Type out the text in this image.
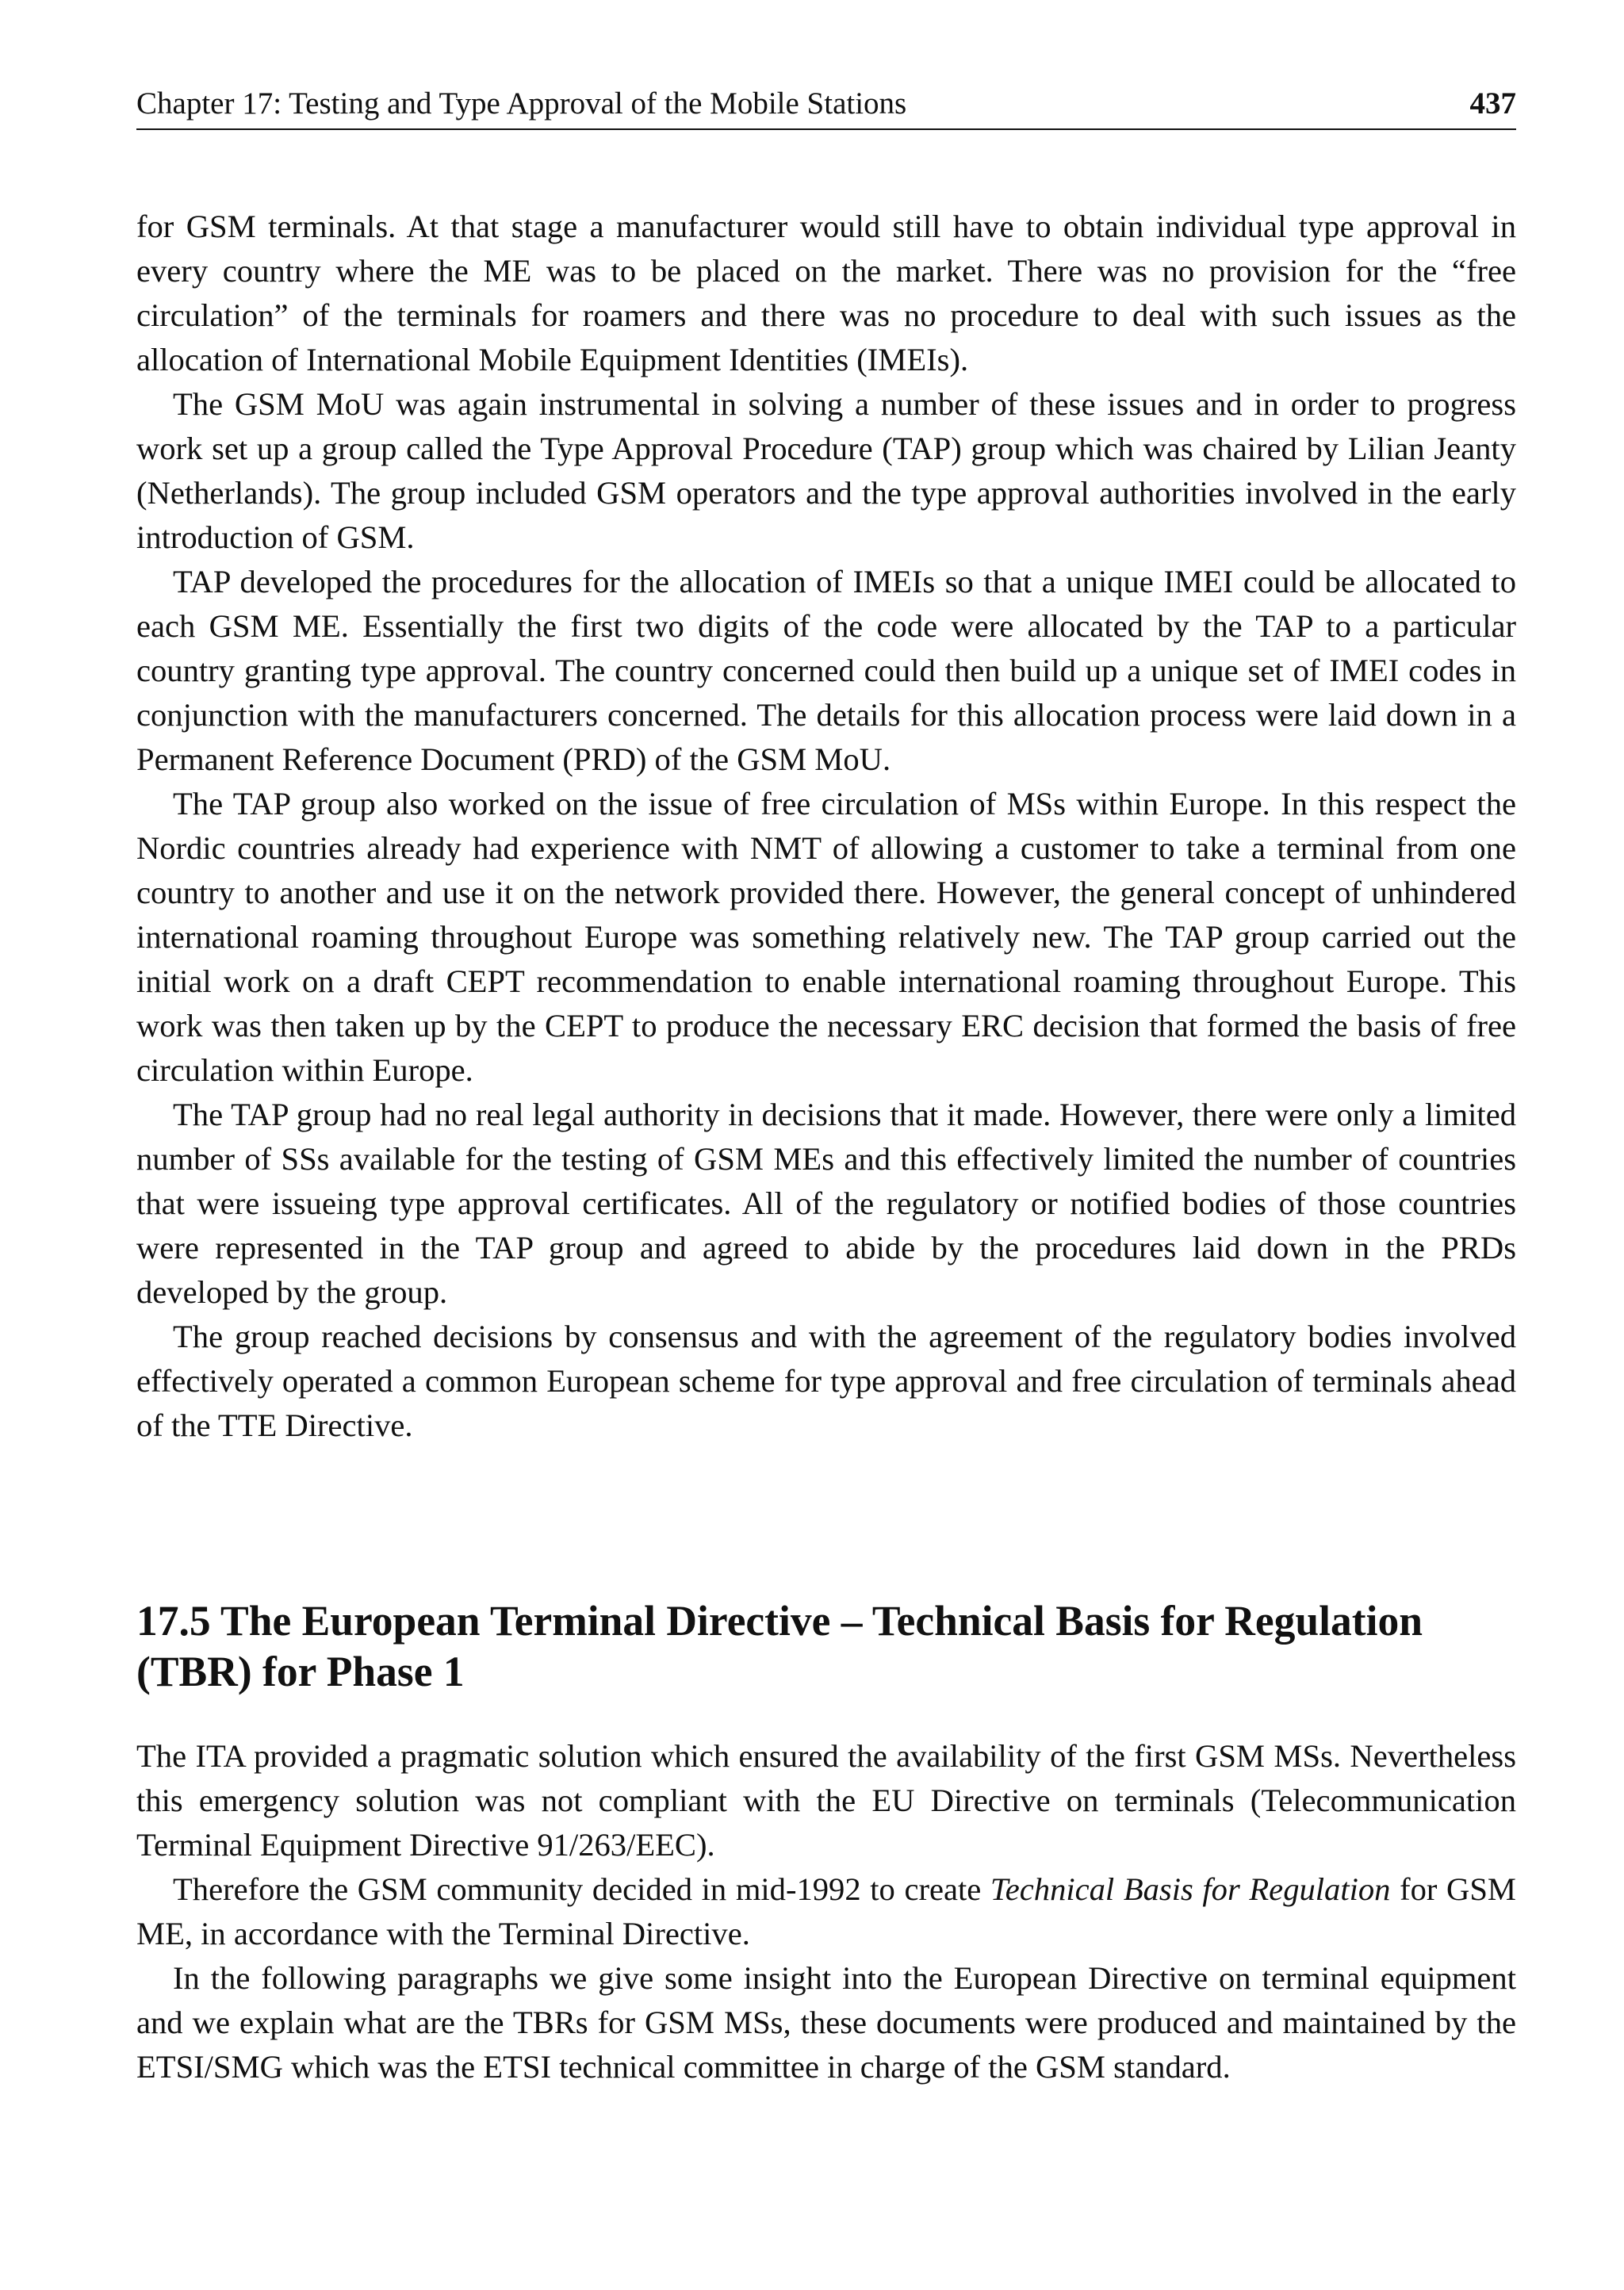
Chapter 17: Testing and Type Approval of the Mobile Stations	437

for GSM terminals. At that stage a manufacturer would still have to obtain individual type approval in every country where the ME was to be placed on the market. There was no provision for the “free circulation” of the terminals for roamers and there was no procedure to deal with such issues as the allocation of International Mobile Equipment Identities (IMEIs).

The GSM MoU was again instrumental in solving a number of these issues and in order to progress work set up a group called the Type Approval Procedure (TAP) group which was chaired by Lilian Jeanty (Netherlands). The group included GSM operators and the type approval authorities involved in the early introduction of GSM.

TAP developed the procedures for the allocation of IMEIs so that a unique IMEI could be allocated to each GSM ME. Essentially the first two digits of the code were allocated by the TAP to a particular country granting type approval. The country concerned could then build up a unique set of IMEI codes in conjunction with the manufacturers concerned. The details for this allocation process were laid down in a Permanent Reference Document (PRD) of the GSM MoU.

The TAP group also worked on the issue of free circulation of MSs within Europe. In this respect the Nordic countries already had experience with NMT of allowing a customer to take a terminal from one country to another and use it on the network provided there. However, the general concept of unhindered international roaming throughout Europe was something relatively new. The TAP group carried out the initial work on a draft CEPT recommendation to enable international roaming throughout Europe. This work was then taken up by the CEPT to produce the necessary ERC decision that formed the basis of free circulation within Europe.

The TAP group had no real legal authority in decisions that it made. However, there were only a limited number of SSs available for the testing of GSM MEs and this effectively limited the number of countries that were issueing type approval certificates. All of the regulatory or notified bodies of those countries were represented in the TAP group and agreed to abide by the procedures laid down in the PRDs developed by the group.

The group reached decisions by consensus and with the agreement of the regulatory bodies involved effectively operated a common European scheme for type approval and free circulation of terminals ahead of the TTE Directive.

17.5 The European Terminal Directive – Technical Basis for Regulation
(TBR) for Phase 1

The ITA provided a pragmatic solution which ensured the availability of the first GSM MSs. Nevertheless this emergency solution was not compliant with the EU Directive on terminals (Telecommunication Terminal Equipment Directive 91/263/EEC).

Therefore the GSM community decided in mid-1992 to create Technical Basis for Regulation for GSM ME, in accordance with the Terminal Directive.

In the following paragraphs we give some insight into the European Directive on terminal equipment and we explain what are the TBRs for GSM MSs, these documents were produced and maintained by the ETSI/SMG which was the ETSI technical committee in charge of the GSM standard.
